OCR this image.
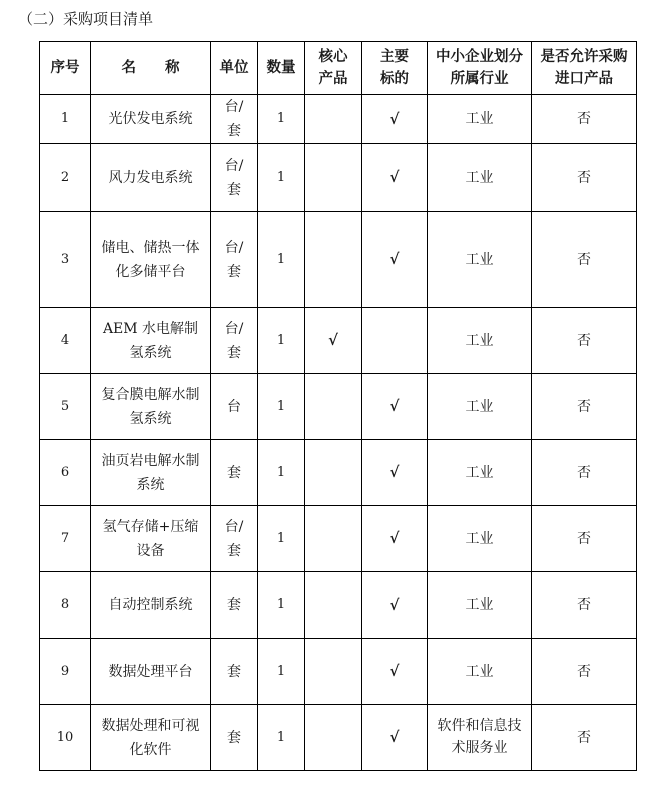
（二）采购项目清单
序号	名　　称	单位	数量	核心产品	主要标的	中小企业划分所属行业	是否允许采购进口产品
1	光伏发电系统	台/套	1		√	工业	否
2	风力发电系统	台/套	1		√	工业	否
3	储电、储热一体化多储平台	台/套	1		√	工业	否
4	AEM 水电解制氢系统	台/套	1	√		工业	否
5	复合膜电解水制氢系统	台	1		√	工业	否
6	油页岩电解水制系统	套	1		√	工业	否
7	氢气存储+压缩设备	台/套	1		√	工业	否
8	自动控制系统	套	1		√	工业	否
9	数据处理平台	套	1		√	工业	否
10	数据处理和可视化软件	套	1		√	软件和信息技术服务业	否
